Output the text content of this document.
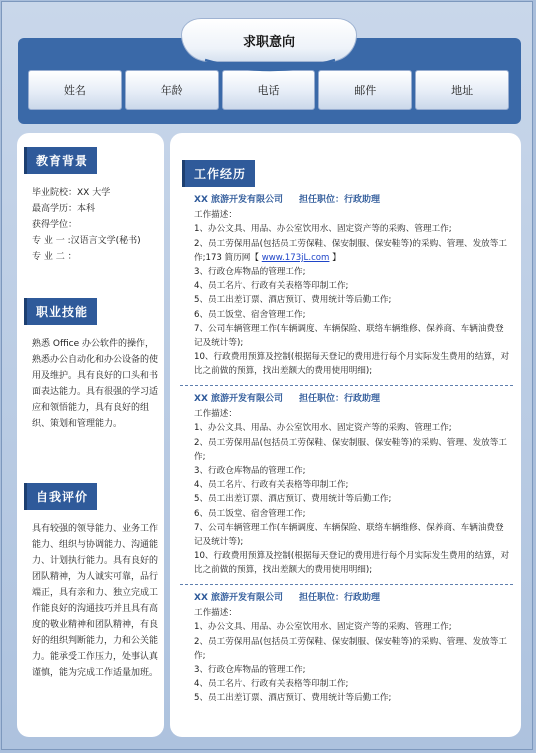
姓名	年龄	电话	邮件	地址
求职意向
教育背景
毕业院校：XX 大学
最高学历：本科
获得学位：
专 业 一 :汉语言文学(秘书)
专 业 二 ：
职业技能
熟悉 Office 办公软件的操作，熟悉办公自动化和办公设备的使用及维护。具有良好的口头和书面表达能力。具有很强的学习适应和领悟能力，具有良好的组织、策划和管理能力。
自我评价
具有较强的领导能力、业务工作能力、组织与协调能力、沟通能力、计划执行能力。具有良好的团队精神，为人诚实可靠，品行端正，具有亲和力、独立完成工作能良好的沟通技巧并且具有高度的敬业精神和团队精神，有良好的组织判断能力，力和公关能力。能承受工作压力，处事认真谨慎，能为完成工作适量加班。
工作经历
XX 旅游开发有限公司 担任职位：行政助理
工作描述：
1、办公文具、用品、办公室饮用水、固定资产等的采购、管理工作;
2、员工劳保用品(包括员工劳保鞋、保安制服、保安鞋等)的采购、管理、发放等工作;173 简历网【 www.173jL.com 】
3、行政仓库物品的管理工作;
4、员工名片、行政有关表格等印制工作;
5、员工出差订票、酒店预订、费用统计等后勤工作;
6、员工饭堂、宿舍管理工作;
7、公司车辆管理工作(车辆调度、车辆保险、联络车辆维修、保养商、车辆油费登记及统计等);
10、行政费用预算及控制(根据每天登记的费用进行每个月实际发生费用的结算，对比之前做的预算，找出差额大的费用使用明细);
XX 旅游开发有限公司 担任职位：行政助理
工作描述：
1、办公文具、用品、办公室饮用水、固定资产等的采购、管理工作;
2、员工劳保用品(包括员工劳保鞋、保安制服、保安鞋等)的采购、管理、发放等工作;
3、行政仓库物品的管理工作;
4、员工名片、行政有关表格等印制工作;
5、员工出差订票、酒店预订、费用统计等后勤工作;
6、员工饭堂、宿舍管理工作;
7、公司车辆管理工作(车辆调度、车辆保险、联络车辆维修、保养商、车辆油费登记及统计等);
10、行政费用预算及控制(根据每天登记的费用进行每个月实际发生费用的结算，对比之前做的预算，找出差额大的费用使用明细);
XX 旅游开发有限公司 担任职位：行政助理
工作描述：
1、办公文具、用品、办公室饮用水、固定资产等的采购、管理工作;
2、员工劳保用品(包括员工劳保鞋、保安制服、保安鞋等)的采购、管理、发放等工作;
3、行政仓库物品的管理工作;
4、员工名片、行政有关表格等印制工作;
5、员工出差订票、酒店预订、费用统计等后勤工作;
